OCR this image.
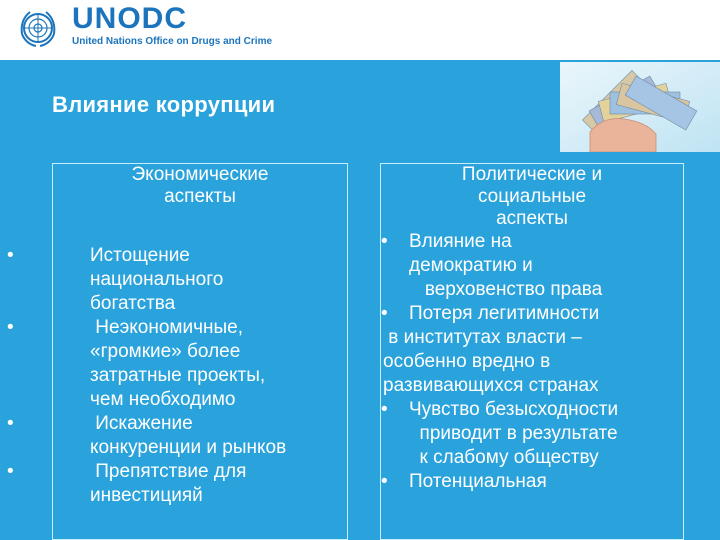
UNODC
United Nations Office on Drugs and Crime
Влияние коррупции
Экономические
аспекты
•	Истощение
национального
богатства
•	Неэкономичные,
«громкие» более
затратные проекты,
чем необходимо
•	Искажение
конкуренции и рынков
•	Препятствие для
инвестицияй
Политические и
социальные
аспекты
• Влияние на
демократию и
верховенство права
• Потеря легитимности
в институтах власти –
особенно вредно в
развивающихся странах
• Чувство безысходности
приводит в результате
к слабому обществу
• Потенциальная
